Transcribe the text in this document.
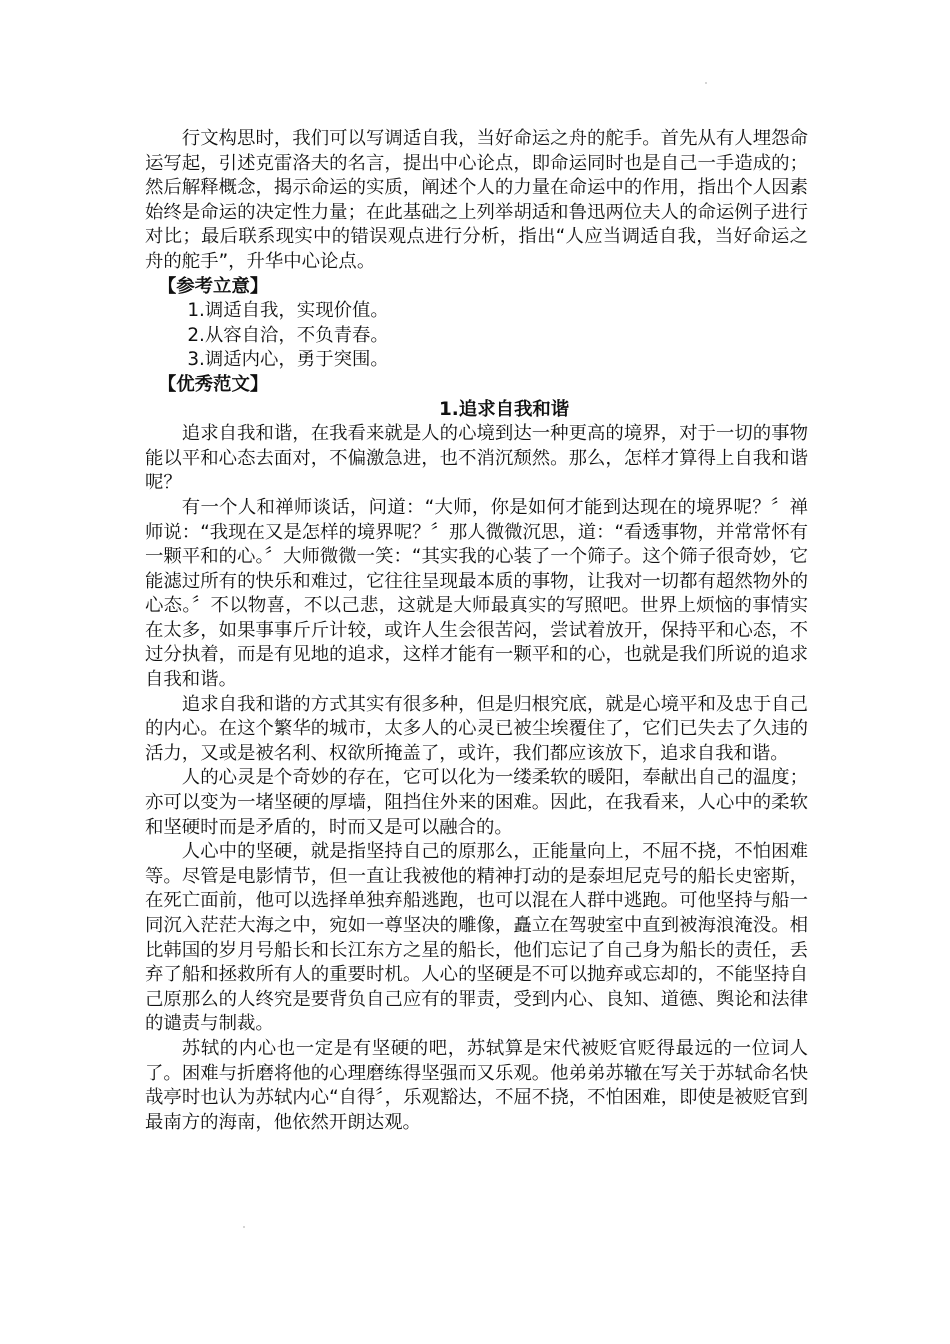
行文构思时，我们可以写调适自我，当好命运之舟的舵手。首先从有人埋怨命运写起，引述克雷洛夫的名言，提出中心论点，即命运同时也是自己一手造成的；然后解释概念，揭示命运的实质，阐述个人的力量在命运中的作用，指出个人因素始终是命运的决定性力量；在此基础之上列举胡适和鲁迅两位夫人的命运例子进行对比；最后联系现实中的错误观点进行分析，指出“人应当调适自我，当好命运之舟的舵手”，升华中心论点。

【参考立意】

1.调适自我，实现价值。

2.从容自洽，不负青春。

3.调适内心，勇于突围。

【优秀范文】

1.追求自我和谐

追求自我和谐，在我看来就是人的心境到达一种更高的境界，对于一切的事物能以平和心态去面对，不偏激急进，也不消沉颓然。那么，怎样才算得上自我和谐呢？

有一个人和禅师谈话，问道：“大师，你是如何才能到达现在的境界呢？〞禅师说：“我现在又是怎样的境界呢？〞那人微微沉思，道：“看透事物，并常常怀有一颗平和的心。〞大师微微一笑：“其实我的心装了一个筛子。这个筛子很奇妙，它能滤过所有的快乐和难过，它往往呈现最本质的事物，让我对一切都有超然物外的心态。〞不以物喜，不以己悲，这就是大师最真实的写照吧。世界上烦恼的事情实在太多，如果事事斤斤计较，或许人生会很苦闷，尝试着放开，保持平和心态，不过分执着，而是有见地的追求，这样才能有一颗平和的心，也就是我们所说的追求自我和谐。

追求自我和谐的方式其实有很多种，但是归根究底，就是心境平和及忠于自己的内心。在这个繁华的城市，太多人的心灵已被尘埃覆住了，它们已失去了久违的活力，又或是被名利、权欲所掩盖了，或许，我们都应该放下，追求自我和谐。

人的心灵是个奇妙的存在，它可以化为一缕柔软的暖阳，奉献出自己的温度；亦可以变为一堵坚硬的厚墙，阻挡住外来的困难。因此，在我看来，人心中的柔软和坚硬时而是矛盾的，时而又是可以融合的。

人心中的坚硬，就是指坚持自己的原那么，正能量向上，不屈不挠，不怕困难等。尽管是电影情节，但一直让我被他的精神打动的是泰坦尼克号的船长史密斯，在死亡面前，他可以选择单独弃船逃跑，也可以混在人群中逃跑。可他坚持与船一同沉入茫茫大海之中，宛如一尊坚决的雕像，矗立在驾驶室中直到被海浪淹没。相比韩国的岁月号船长和长江东方之星的船长，他们忘记了自己身为船长的责任，丢弃了船和拯救所有人的重要时机。人心的坚硬是不可以抛弃或忘却的，不能坚持自己原那么的人终究是要背负自己应有的罪责，受到内心、良知、道德、舆论和法律的谴责与制裁。

苏轼的内心也一定是有坚硬的吧，苏轼算是宋代被贬官贬得最远的一位词人了。困难与折磨将他的心理磨练得坚强而又乐观。他弟弟苏辙在写关于苏轼命名快哉亭时也认为苏轼内心“自得〞，乐观豁达，不屈不挠，不怕困难，即使是被贬官到最南方的海南，他依然开朗达观。
